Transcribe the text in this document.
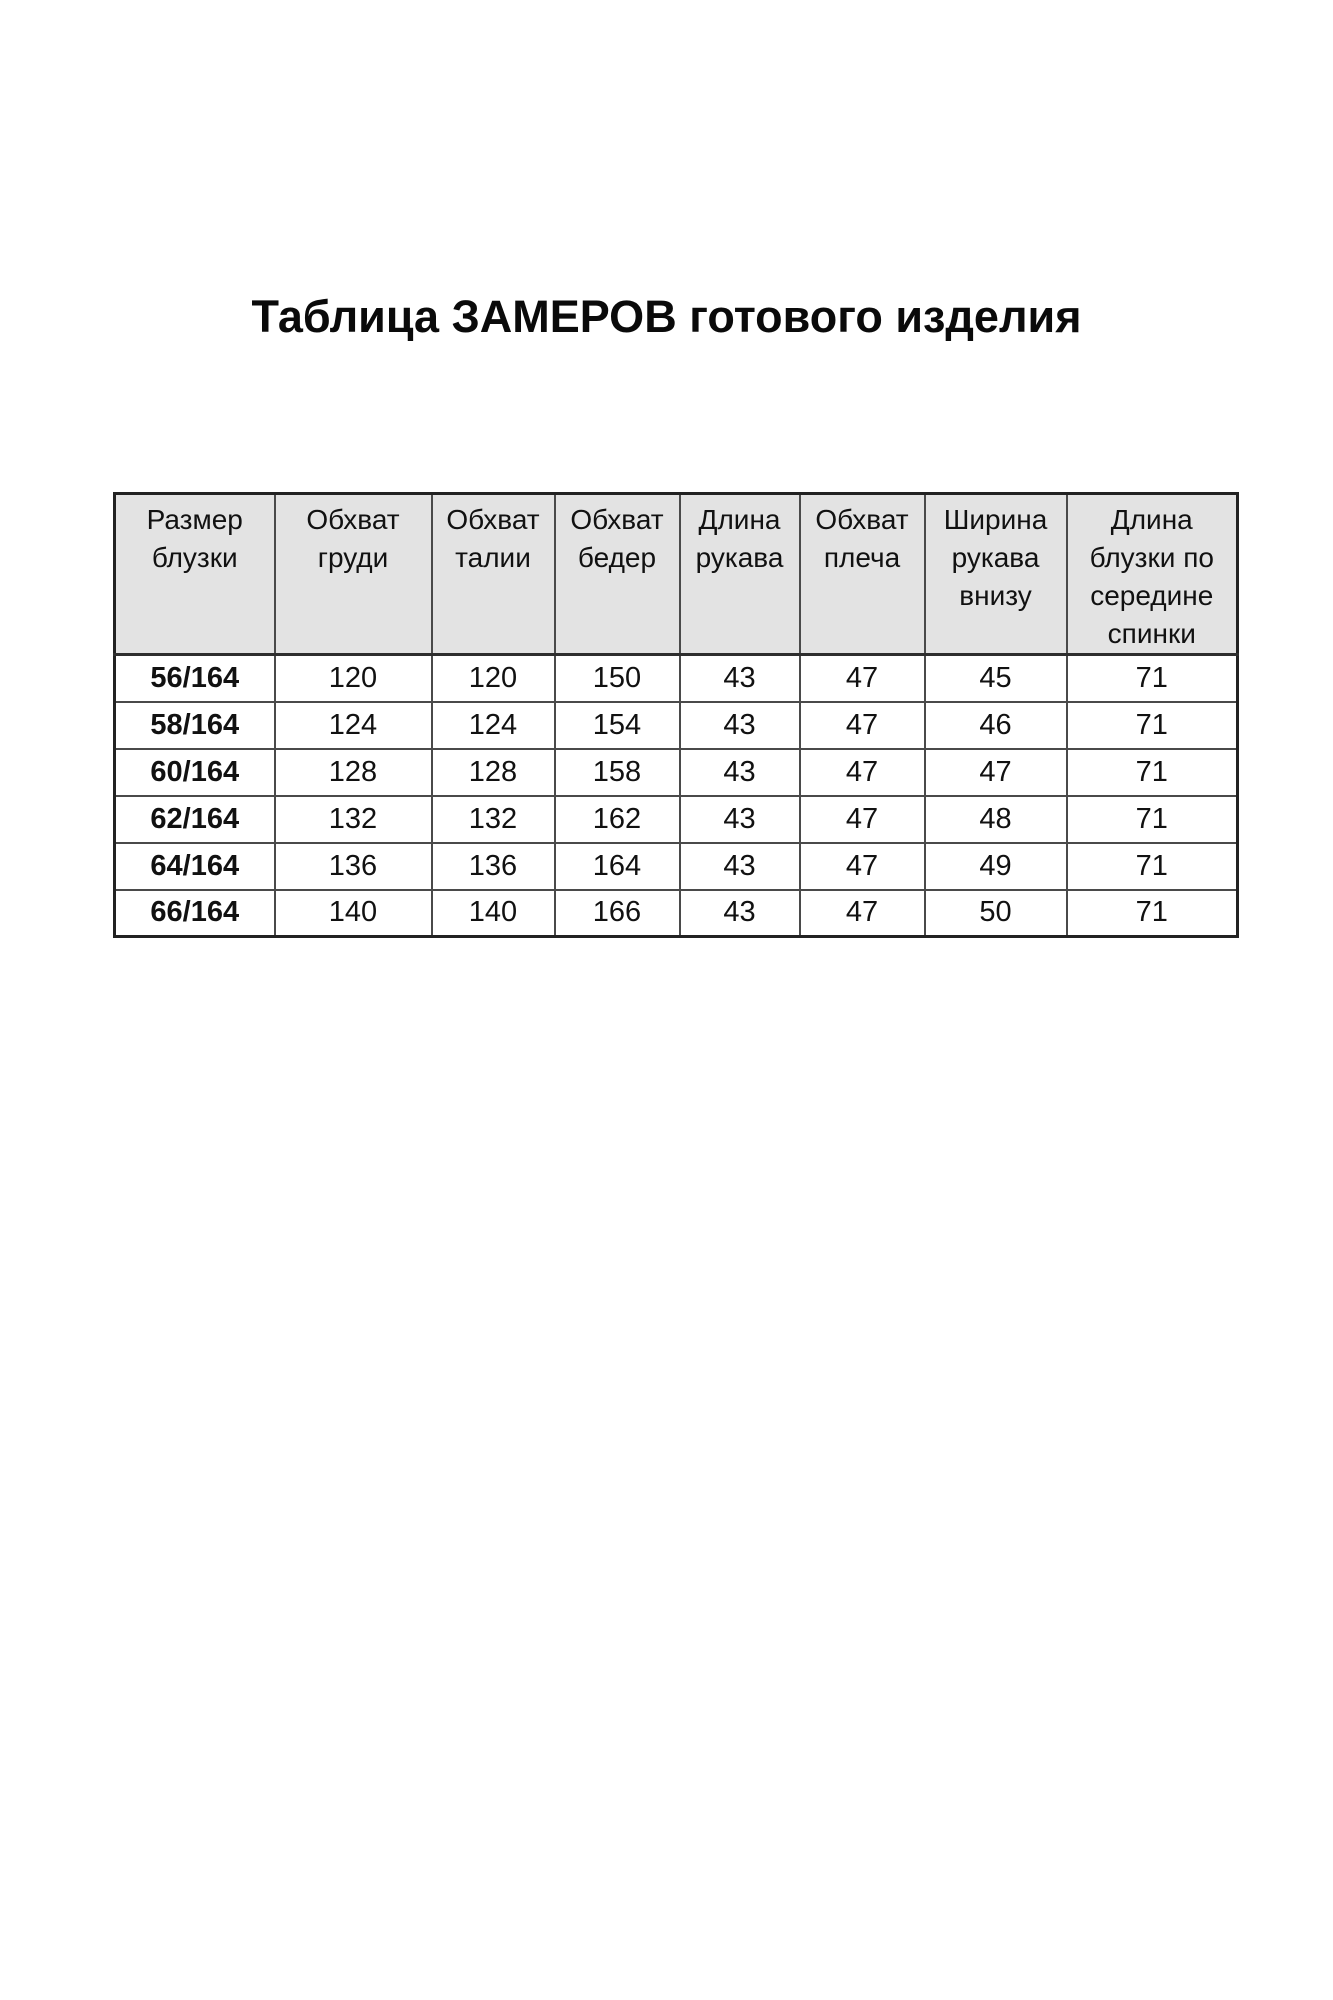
Таблица ЗАМЕРОВ готового изделия
Размер блузки	Обхват груди	Обхват талии	Обхват бедер	Длина рукава	Обхват плеча	Ширина рукава внизу	Длина блузки по середине спинки
56/164	120	120	150	43	47	45	71
58/164	124	124	154	43	47	46	71
60/164	128	128	158	43	47	47	71
62/164	132	132	162	43	47	48	71
64/164	136	136	164	43	47	49	71
66/164	140	140	166	43	47	50	71
